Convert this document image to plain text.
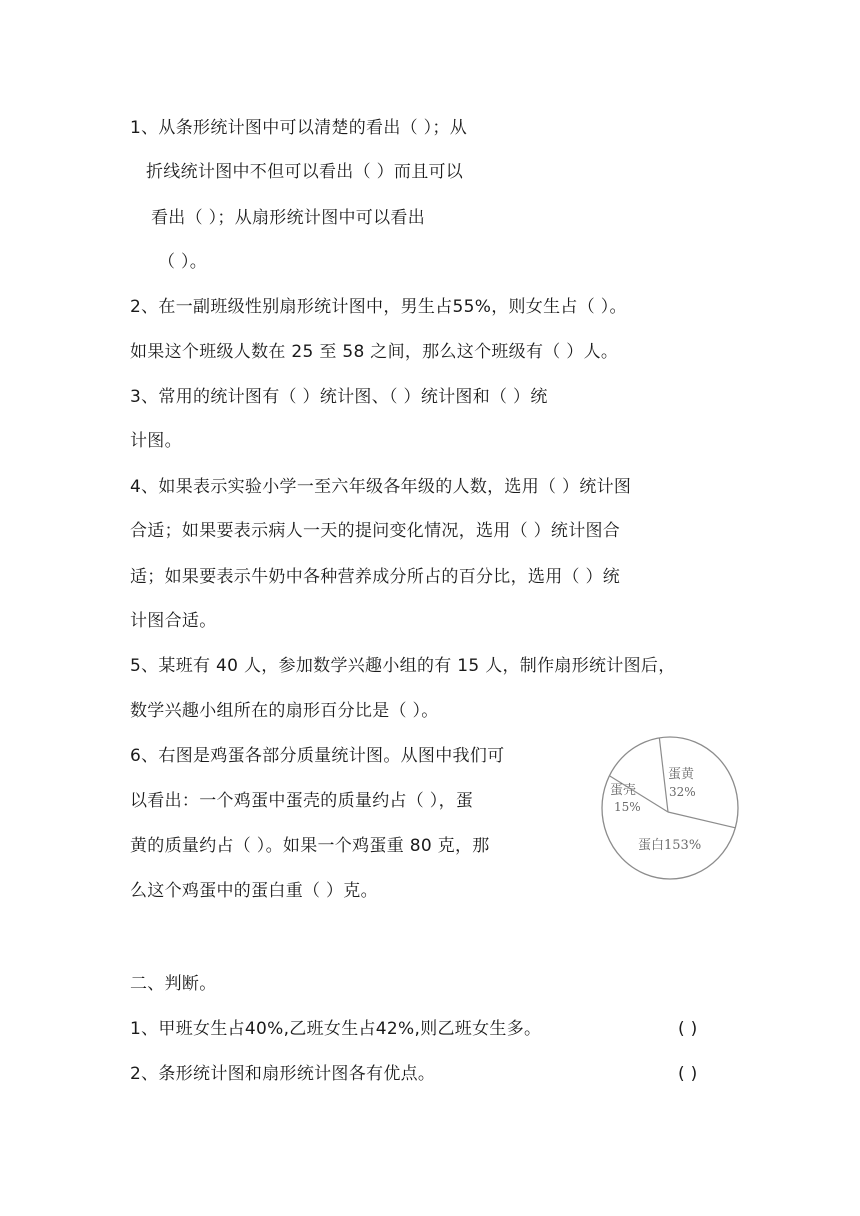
1、从条形统计图中可以清楚的看出（ ）；从
折线统计图中不但可以看出（ ）而且可以
看出（ ）；从扇形统计图中可以看出
（ ）。
2、在一副班级性别扇形统计图中，男生占55%，则女生占（ ）。
如果这个班级人数在 25 至 58 之间，那么这个班级有（ ）人。
3、常用的统计图有（ ）统计图、（ ）统计图和（ ）统
计图。
4、如果表示实验小学一至六年级各年级的人数，选用（ ）统计图
合适；如果要表示病人一天的提问变化情况，选用（ ）统计图合
适；如果要表示牛奶中各种营养成分所占的百分比，选用（ ）统
计图合适。
5、某班有 40 人，参加数学兴趣小组的有 15 人，制作扇形统计图后，
数学兴趣小组所在的扇形百分比是（ ）。
6、右图是鸡蛋各部分质量统计图。从图中我们可
以看出：一个鸡蛋中蛋壳的质量约占（ ），蛋
黄的质量约占（ ）。如果一个鸡蛋重 80 克，那
么这个鸡蛋中的蛋白重（ ）克。
蛋壳
15%
蛋黄
32%
蛋白153%
二、判断。
1、甲班女生占40%,乙班女生占42%,则乙班女生多。	( )
2、条形统计图和扇形统计图各有优点。	( )
